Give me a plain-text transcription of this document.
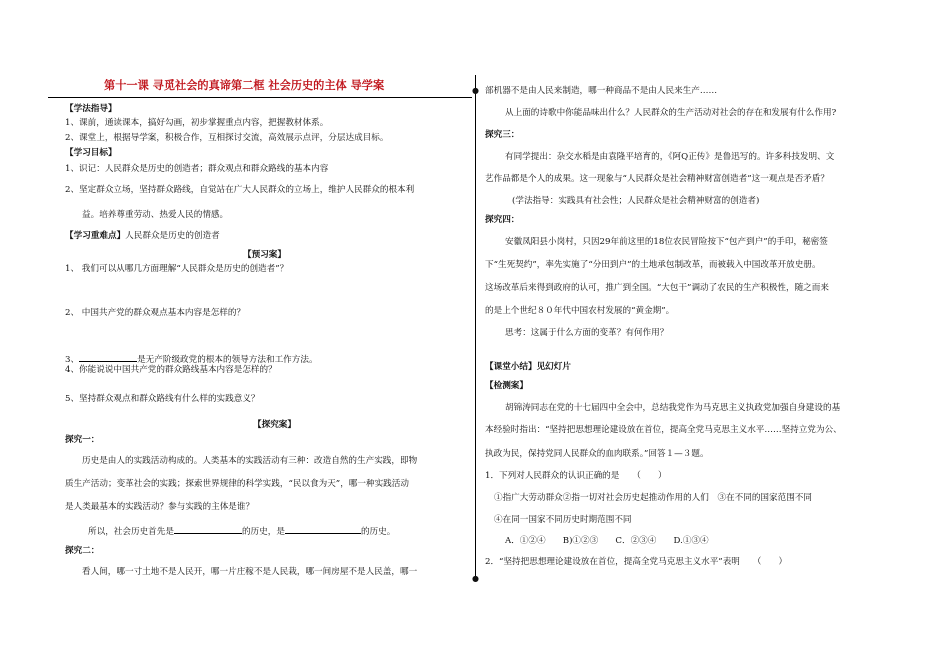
第十一课 寻觅社会的真谛第二框 社会历史的主体 导学案	●
●
【学法指导】
1、课前，通读课本，搞好勾画，初步掌握重点内容，把握教材体系。
2、课堂上，根据导学案，积极合作，互相探讨交流，高效展示点评，分层达成目标。
【学习目标】
1、识记：人民群众是历史的创造者；群众观点和群众路线的基本内容
2、坚定群众立场，坚持群众路线，自觉站在广大人民群众的立场上，维护人民群众的根本利
益。培养尊重劳动、热爱人民的情感。
【学习重难点】人民群众是历史的创造者
【预习案】
1、 我们可以从哪几方面理解“人民群众是历史的创造者”？
2、 中国共产党的群众观点基本内容是怎样的？
3、	是无产阶级政党的根本的领导方法和工作方法。
4、你能说说中国共产党的群众路线基本内容是怎样的？
5、坚持群众观点和群众路线有什么样的实践意义？
【探究案】
探究一：
历史是由人的实践活动构成的。人类基本的实践活动有三种：改造自然的生产实践，即物
质生产活动；变革社会的实践；探索世界规律的科学实践，“民以食为天”，哪一种实践活动
是人类最基本的实践活动？参与实践的主体是谁？
所以，社会历史首先是	的历史，是	的历史。
探究二：
看人间，哪一寸土地不是人民开，哪一片庄稼不是人民栽，哪一间房屋不是人民盖，哪一
部机器不是由人民来制造，哪一种商品不是由人民来生产……
从上面的诗歌中你能品味出什么？人民群众的生产活动对社会的存在和发展有什么作用?
探究三：
有同学提出：杂交水稻是由袁隆平培育的，《阿Q正传》是鲁迅写的。许多科技发明、文
艺作品都是个人的成果。这一现象与“人民群众是社会精神财富创造者”这一观点是否矛盾？
(学法指导：实践具有社会性；人民群众是社会精神财富的创造者)
探究四：
安徽凤阳县小岗村，只因29年前这里的18位农民冒险按下“包产到户”的手印，秘密签
下“生死契约”，率先实施了“分田到户”的土地承包制改革，而被载入中国改革开放史册。
这场改革后来得到政府的认可，推广到全国。“大包干”调动了农民的生产积极性，随之而来
的是上个世纪８０年代中国农村发展的“黄金期”。
思考：这属于什么方面的变革？有何作用？
【课堂小结】见幻灯片
【检测案】
胡锦涛同志在党的十七届四中全会中，总结我党作为马克思主义执政党加强自身建设的基
本经验时指出：“坚持把思想理论建设放在首位，提高全党马克思主义水平……坚持立党为公、
执政为民，保持党同人民群众的血肉联系。”回答１—３题。
1．下列对人民群众的认识正确的是　　（　　）
①指广大劳动群众②指一切对社会历史起推动作用的人们　③在不同的国家范围不同
④在同一国家不同历史时期范围不同
A．①②④　　B)①②③　　C．②③④　　D.①③④
2．“坚持把思想理论建设放在首位，提高全党马克思主义水平”表明　　（　　）
